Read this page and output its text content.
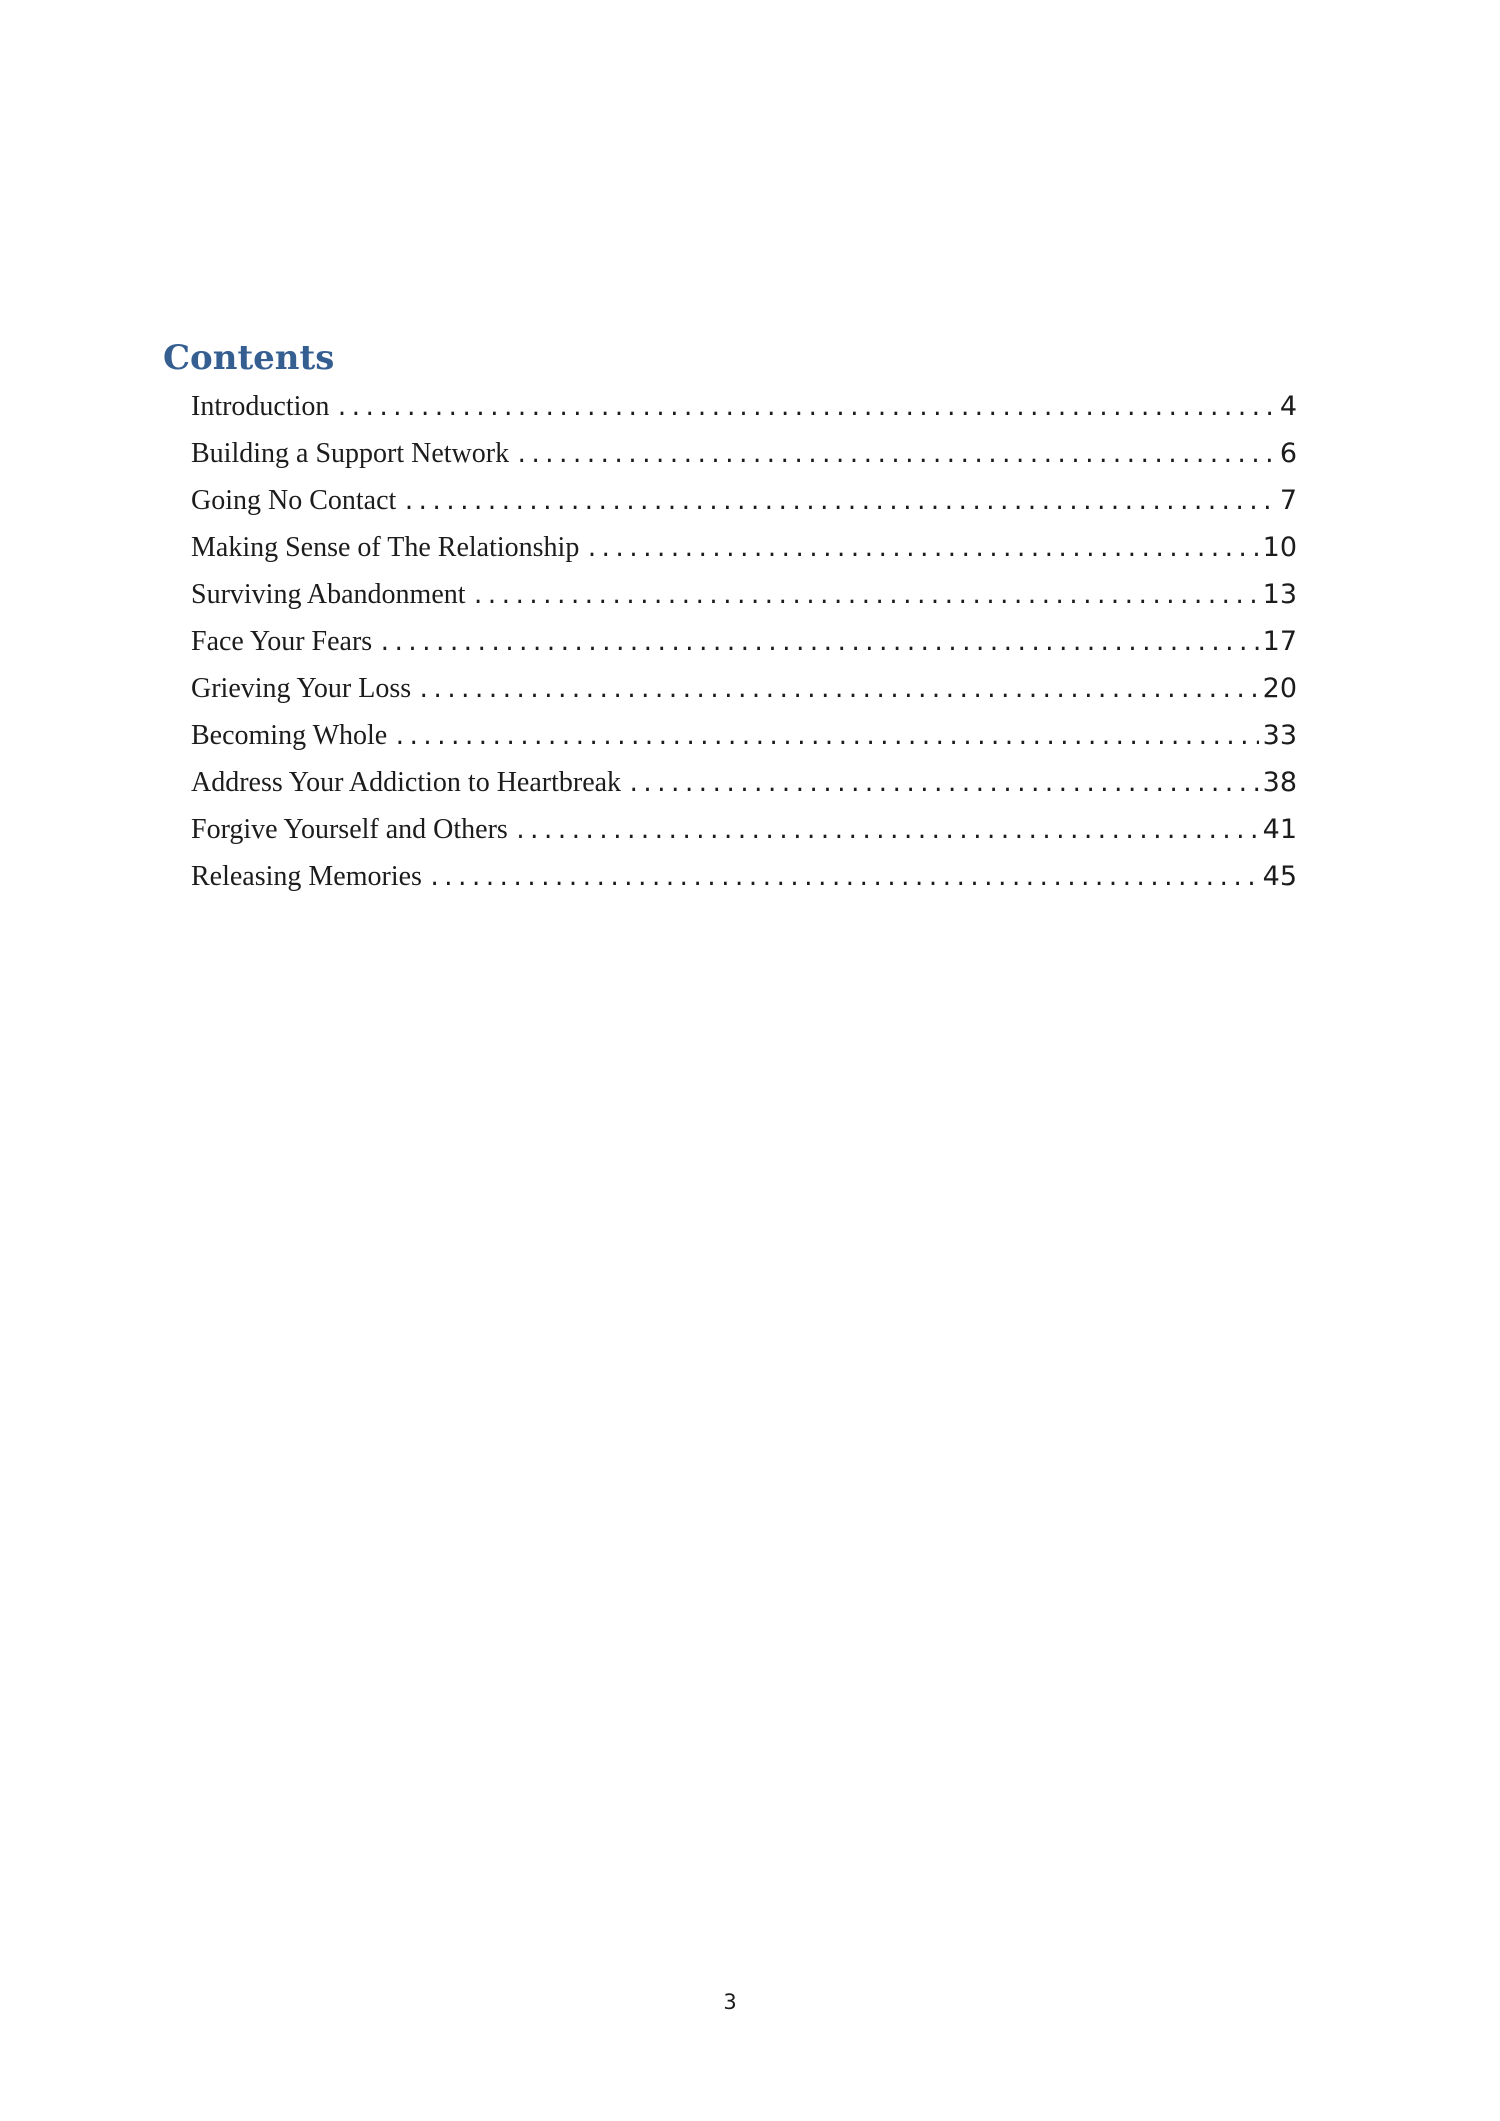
Contents
Introduction .....	4
Building a Support Network .....	6
Going No Contact .....	7
Making Sense of The Relationship .....	10
Surviving Abandonment .....	13
Face Your Fears .....	17
Grieving Your Loss .....	20
Becoming Whole .....	33
Address Your Addiction to Heartbreak .....	38
Forgive Yourself and Others .....	41
Releasing Memories .....	45
3
